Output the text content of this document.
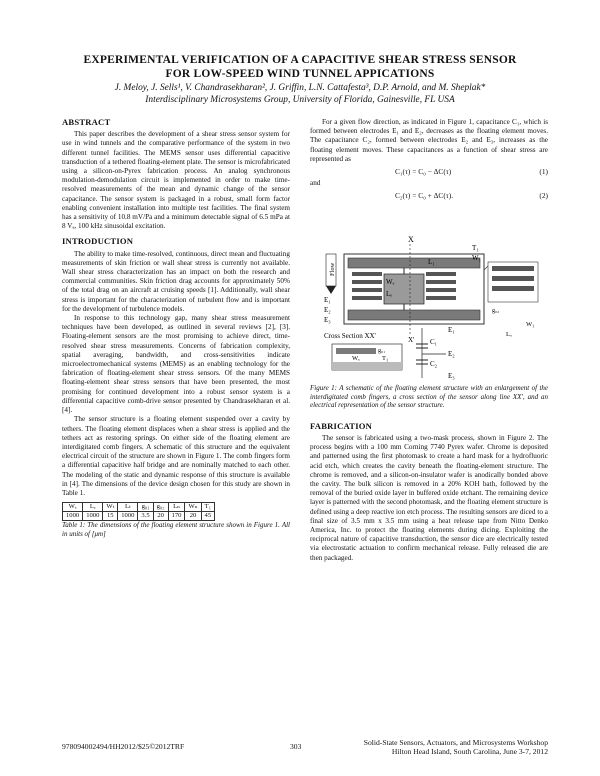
EXPERIMENTAL VERIFICATION OF A CAPACITIVE SHEAR STRESS SENSOR
FOR LOW-SPEED WIND TUNNEL APPICATIONS
J. Meloy, J. Sells¹, V. Chandrasekharan², J. Griffin, L.N. Cattafesta³, D.P. Arnold, and M. Sheplak*
Interdisciplinary Microsystems Group, University of Florida, Gainesville, FL USA
ABSTRACT

This paper describes the development of a shear stress sensor system for use in wind tunnels and the comparative performance of the system in two different tunnel facilities. The MEMS sensor uses differential capacitive transduction of a tethered floating-element plate. The sensor is microfabricated using a silicon-on-Pyrex fabrication process. An analog synchronous modulation-demodulation circuit is implemented in order to make time-resolved measurements of the mean and dynamic change of the sensor capacitance. The sensor system is packaged in a robust, small form factor enabling convenient installation into multiple test facilities. The final system has a sensitivity of 10.8 mV/Pa and a minimum detectable signal of 6.5 mPa at 8 Vₐ, 100 kHz sinusoidal excitation.

INTRODUCTION

The ability to make time-resolved, continuous, direct mean and fluctuating measurements of skin friction or wall shear stress is currently not available. Wall shear stress characterization has an impact on both the research and commercial communities. Skin friction drag accounts for approximately 50% of the total drag on an aircraft at cruising speeds [1]. Additionally, wall shear stress is important for the characterization of turbulent flow and is important for the development of turbulence models.

In response to this technology gap, many shear stress measurement techniques have been developed, as outlined in several reviews [2], [3]. Floating-element sensors are the most promising to achieve direct, time-resolved shear stress measurements. Concerns of fabrication complexity, spatial averaging, bandwidth, and cross-sensitivities indicate microelectromechanical systems (MEMS) as an enabling technology for the fabrication of floating-element shear stress sensors. Of the many MEMS floating-element shear stress sensors that have been presented, the most promising for continued development into a robust sensor system is a differential capacitive comb-drive sensor presented by Chandrasekharan et al. [4].

The sensor structure is a floating element suspended over a cavity by tethers. The floating element displaces when a shear stress is applied and the tethers act as restoring springs. On either side of the floating element are interdigitated comb fingers. A schematic of this structure and the equivalent electrical circuit of the structure are shown in Figure 1. The comb fingers form a differential capacitive half bridge and are nominally matched to each other. The modeling of the static and dynamic response of this structure is available in [4]. The dimensions of the device design chosen for this study are shown in Table 1.

Wₑ	Lₑ	Wₜ	Lₜ	g₀₁	g₀₂	Lₙ	Wₙ	T₁
1000	1000	15	1000	3.5	20	170	20	45
Table 1: The dimensions of the floating element structure shown in Figure 1. All in units of [μm]

For a given flow direction, as indicated in Figure 1, capacitance C₁, which is formed between electrodes E₁ and E₂, decreases as the floating element moves. The capacitance C₂, formed between electrodes E₂ and E₃, increases as the floating element moves. These capacitances as a function of shear stress are represented as

C₁(τ) = C₀ − ΔC(τ)	(1)
and
C₂(τ) = C₀ + ΔC(τ).	(2)
X
T₁
Flow
W₁
L₁
Wₑ
Lₑ
E₁
E₂
E₃
X'
Cross Section XX'
g₀₁
g₀₂
T₁
Wₑ
C₁
C₂
E₁
E₂
E₃
W₁
Lₒ
Figure 1: A schematic of the floating element structure with an enlargement of the interdigitated comb fingers, a cross section of the sensor along line XX', and an electrical representation of the sensor structure.
FABRICATION

The sensor is fabricated using a two-mask process, shown in Figure 2. The process begins with a 100 mm Corning 7740 Pyrex wafer. Chrome is deposited and patterned using the first photomask to create a hard mask for a hydrofluoric acid etch, which creates the cavity beneath the floating-element structure. The chrome is removed, and a silicon-on-insulator wafer is anodically bonded above the cavity. The bulk silicon is removed in a 20% KOH bath, followed by the removal of the buried oxide layer in buffered oxide etchant. The remaining device layer is patterned with the second photomask, and the floating element structure is defined using a deep reactive ion etch process. The resulting sensors are diced to a final size of 3.5 mm x 3.5 mm using a heat release tape from Nitto Denko America, Inc. to protect the floating elements during dicing. Exploiting the reciprocal nature of capacitive transduction, the sensor dice are electrically tested via electrostatic actuation to confirm mechanical release. Fully released die are then packaged.

978094002494/HH2012/$25©2012TRF	303	Solid-State Sensors, Actuators, and Microsystems Workshop
Hilton Head Island, South Carolina, June 3-7, 2012
